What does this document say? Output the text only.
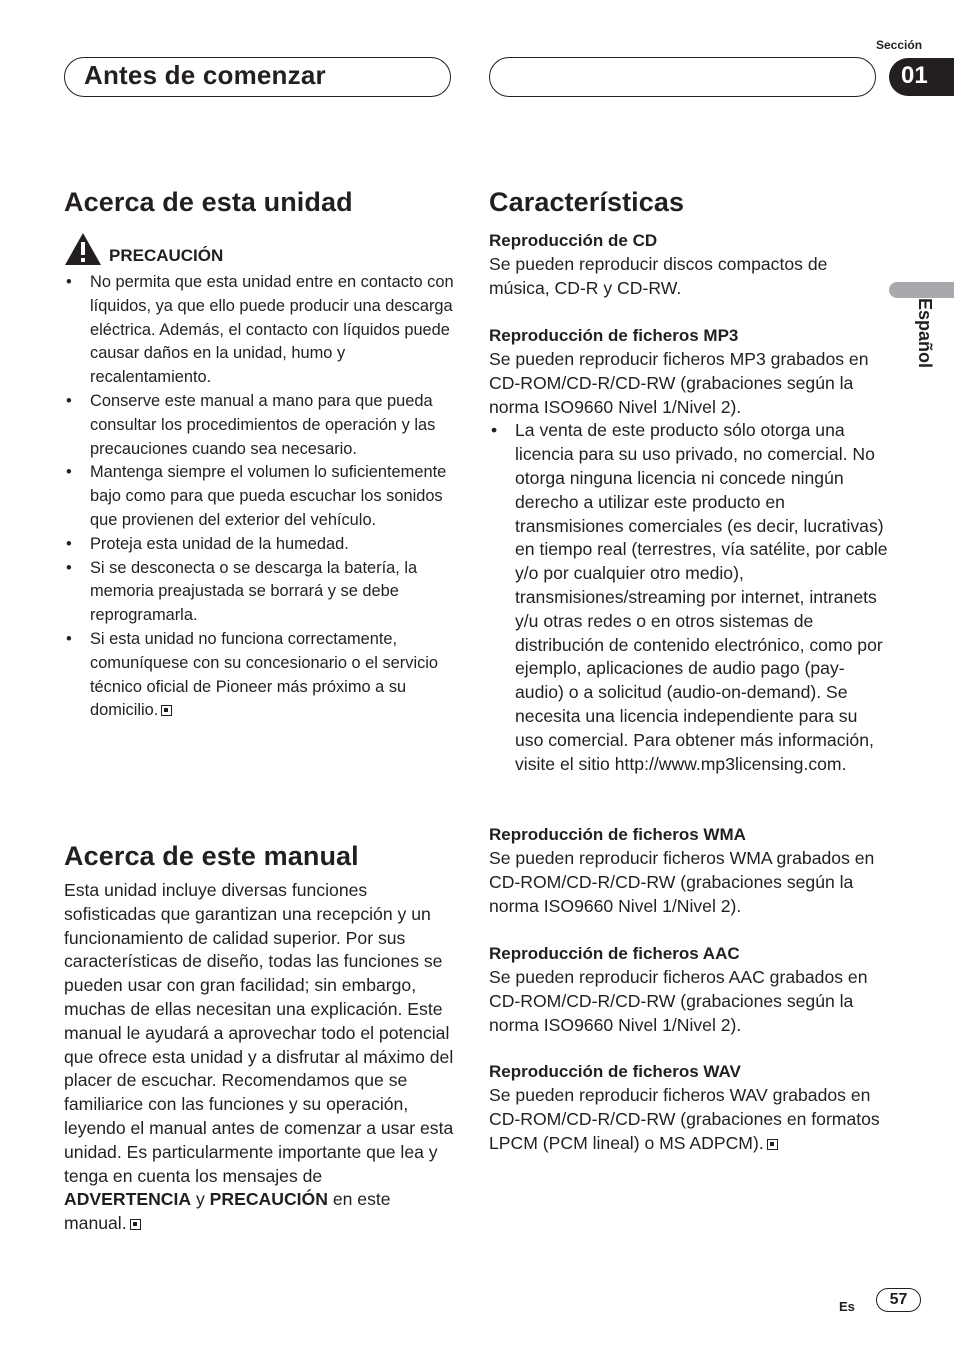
Antes de comenzar
Sección
01
Español
Acerca de esta unidad
PRECAUCIÓN
• No permita que esta unidad entre en contacto con líquidos, ya que ello puede producir una descarga eléctrica. Además, el contacto con líquidos puede causar daños en la unidad, humo y recalentamiento.
• Conserve este manual a mano para que pueda consultar los procedimientos de operación y las precauciones cuando sea necesario.
• Mantenga siempre el volumen lo suficientemente bajo como para que pueda escuchar los sonidos que provienen del exterior del vehículo.
• Proteja esta unidad de la humedad.
• Si se desconecta o se descarga la batería, la memoria preajustada se borrará y se debe reprogramarla.
• Si esta unidad no funciona correctamente, comuníquese con su concesionario o el servicio técnico oficial de Pioneer más próximo a su domicilio.
Acerca de este manual
Esta unidad incluye diversas funciones sofisticadas que garantizan una recepción y un funcionamiento de calidad superior. Por sus características de diseño, todas las funciones se pueden usar con gran facilidad; sin embargo, muchas de ellas necesitan una explicación. Este manual le ayudará a aprovechar todo el potencial que ofrece esta unidad y a disfrutar al máximo del placer de escuchar. Recomendamos que se familiarice con las funciones y su operación, leyendo el manual antes de comenzar a usar esta unidad. Es particularmente importante que lea y tenga en cuenta los mensajes de ADVERTENCIA y PRECAUCIÓN en este manual.
Características
Reproducción de CD
Se pueden reproducir discos compactos de música, CD-R y CD-RW.
Reproducción de ficheros MP3
Se pueden reproducir ficheros MP3 grabados en CD-ROM/CD-R/CD-RW (grabaciones según la norma ISO9660 Nivel 1/Nivel 2).
• La venta de este producto sólo otorga una licencia para su uso privado, no comercial. No otorga ninguna licencia ni concede ningún derecho a utilizar este producto en transmisiones comerciales (es decir, lucrativas) en tiempo real (terrestres, vía satélite, por cable y/o por cualquier otro medio), transmisiones/streaming por internet, intranets y/u otras redes o en otros sistemas de distribución de contenido electrónico, como por ejemplo, aplicaciones de audio pago (pay-audio) o a solicitud (audio-on-demand). Se necesita una licencia independiente para su uso comercial. Para obtener más información, visite el sitio http://www.mp3licensing.com.
Reproducción de ficheros WMA
Se pueden reproducir ficheros WMA grabados en CD-ROM/CD-R/CD-RW (grabaciones según la norma ISO9660 Nivel 1/Nivel 2).
Reproducción de ficheros AAC
Se pueden reproducir ficheros AAC grabados en CD-ROM/CD-R/CD-RW (grabaciones según la norma ISO9660 Nivel 1/Nivel 2).
Reproducción de ficheros WAV
Se pueden reproducir ficheros WAV grabados en CD-ROM/CD-R/CD-RW (grabaciones en formatos LPCM (PCM lineal) o MS ADPCM).
Es	57
